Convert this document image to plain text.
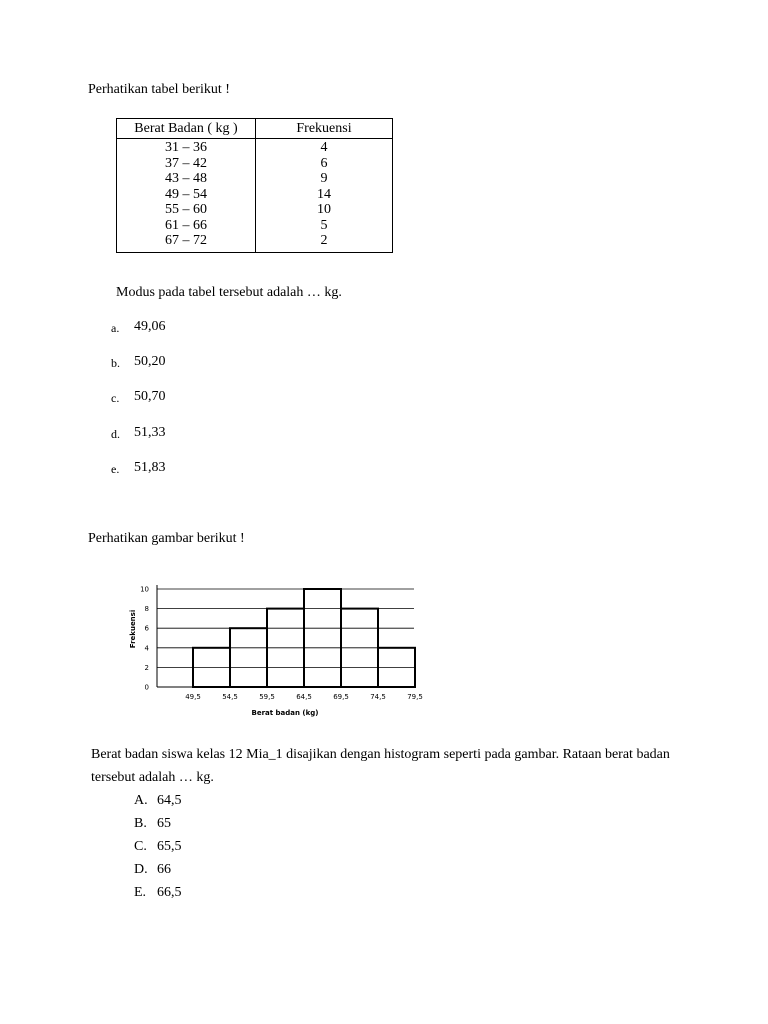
Perhatikan tabel berikut !
Berat Badan ( kg )	Frekuensi
31 – 36	4
37 – 42	6
43 – 48	9
49 – 54	14
55 – 60	10
61 – 66	5
67 – 72	2
Modus pada tabel tersebut adalah … kg.
a. 49,06
b. 50,20
c. 50,70
d. 51,33
e. 51,83
Perhatikan gambar berikut !
0
2
4
6
8
10
49,5	54,5	59,5	64,5	69,5	74,5	79,5
Frekuensi
Berat badan (kg)
Berat badan siswa kelas 12 Mia_1 disajikan dengan histogram seperti pada gambar. Rataan berat badan
tersebut adalah … kg.
A. 64,5
B. 65
C. 65,5
D. 66
E. 66,5
